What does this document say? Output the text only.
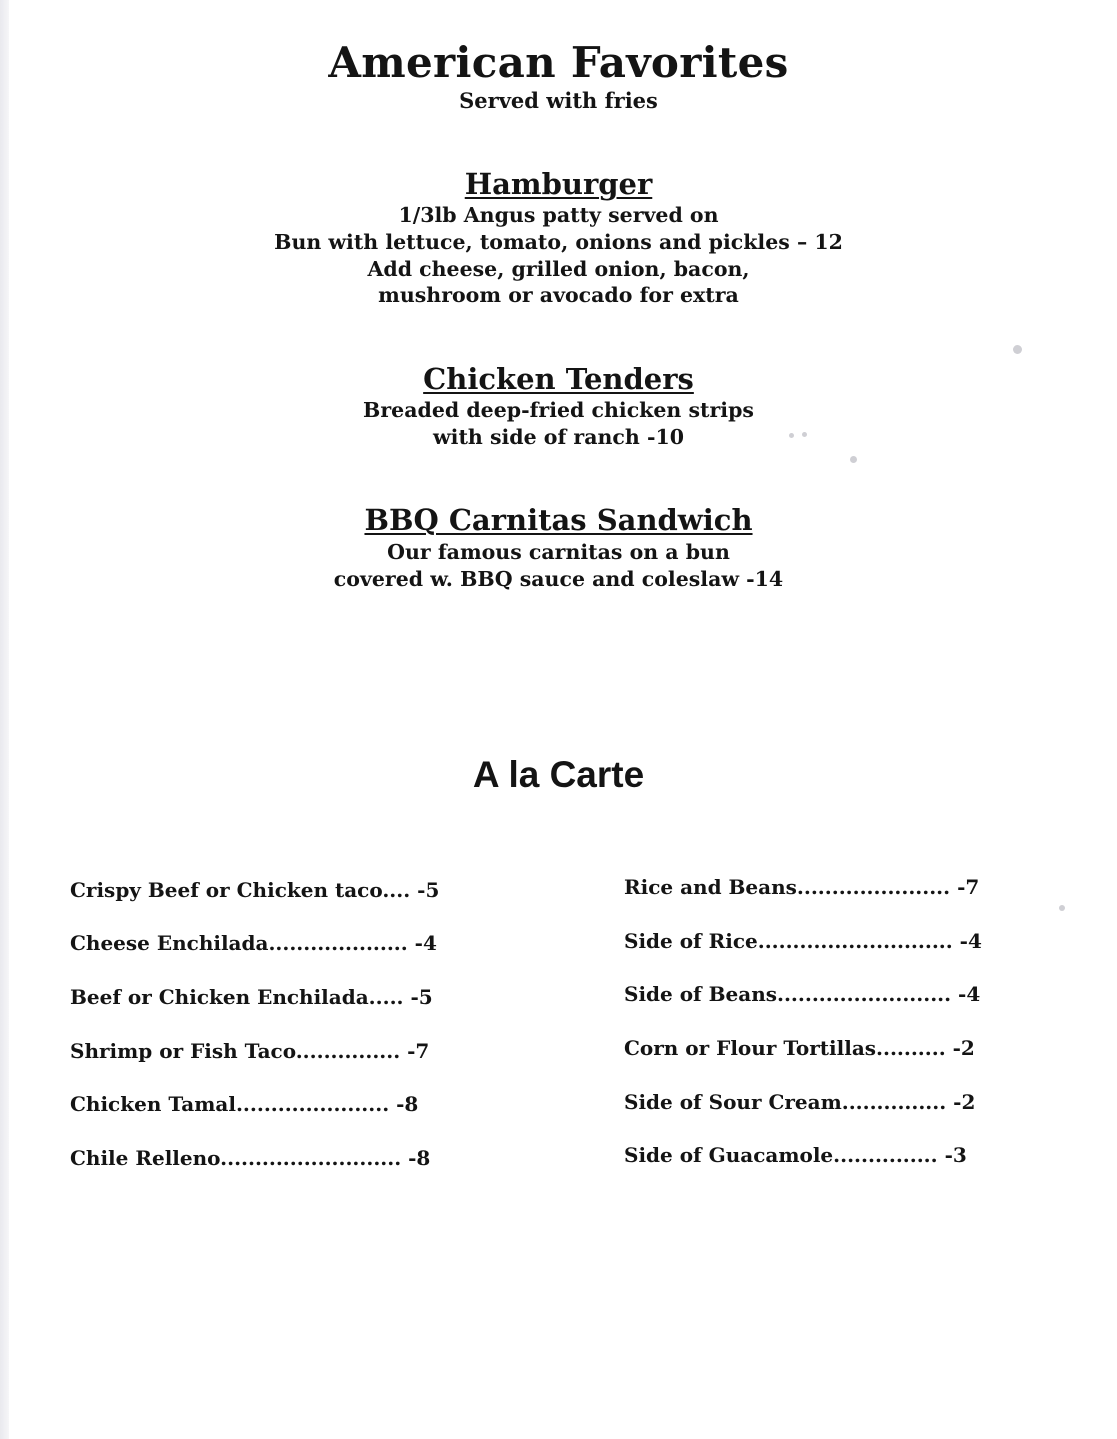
American Favorites
Served with fries
Hamburger
1/3lb Angus patty served on
Bun with lettuce, tomato, onions and pickles – 12
Add cheese, grilled onion, bacon,
mushroom or avocado for extra
Chicken Tenders
Breaded deep-fried chicken strips
with side of ranch -10
BBQ Carnitas Sandwich
Our famous carnitas on a bun
covered w. BBQ sauce and coleslaw -14
A la Carte
Crispy Beef or Chicken taco.... -5
Cheese Enchilada.................... -4
Beef or Chicken Enchilada..... -5
Shrimp or Fish Taco............... -7
Chicken Tamal...................... -8
Chile Relleno.......................... -8
Rice and Beans...................... -7
Side of Rice............................ -4
Side of Beans......................... -4
Corn or Flour Tortillas.......... -2
Side of Sour Cream............... -2
Side of Guacamole............... -3
